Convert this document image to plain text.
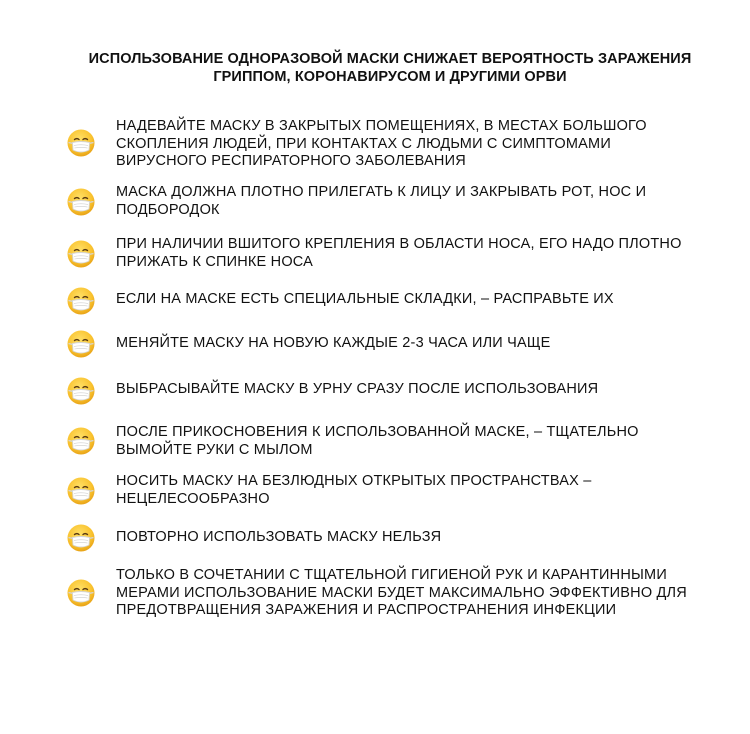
ИСПОЛЬЗОВАНИЕ ОДНОРАЗОВОЙ МАСКИ СНИЖАЕТ ВЕРОЯТНОСТЬ ЗАРАЖЕНИЯ
ГРИППОМ, КОРОНАВИРУСОМ И ДРУГИМИ ОРВИ
НАДЕВАЙТЕ МАСКУ В ЗАКРЫТЫХ ПОМЕЩЕНИЯХ, В МЕСТАХ БОЛЬШОГО
СКОПЛЕНИЯ ЛЮДЕЙ, ПРИ КОНТАКТАХ С ЛЮДЬМИ С СИМПТОМАМИ
ВИРУСНОГО РЕСПИРАТОРНОГО ЗАБОЛЕВАНИЯ
МАСКА ДОЛЖНА ПЛОТНО ПРИЛЕГАТЬ К ЛИЦУ И ЗАКРЫВАТЬ РОТ, НОС И
ПОДБОРОДОК
ПРИ НАЛИЧИИ ВШИТОГО КРЕПЛЕНИЯ В ОБЛАСТИ НОСА, ЕГО НАДО ПЛОТНО
ПРИЖАТЬ К СПИНКЕ НОСА
ЕСЛИ НА МАСКЕ ЕСТЬ СПЕЦИАЛЬНЫЕ СКЛАДКИ, – РАСПРАВЬТЕ ИХ
МЕНЯЙТЕ МАСКУ НА НОВУЮ КАЖДЫЕ 2-3 ЧАСА ИЛИ ЧАЩЕ
ВЫБРАСЫВАЙТЕ МАСКУ В УРНУ СРАЗУ ПОСЛЕ ИСПОЛЬЗОВАНИЯ
ПОСЛЕ ПРИКОСНОВЕНИЯ К ИСПОЛЬЗОВАННОЙ МАСКЕ, – ТЩАТЕЛЬНО
ВЫМОЙТЕ РУКИ С МЫЛОМ
НОСИТЬ МАСКУ НА БЕЗЛЮДНЫХ ОТКРЫТЫХ ПРОСТРАНСТВАХ –
НЕЦЕЛЕСООБРАЗНО
ПОВТОРНО ИСПОЛЬЗОВАТЬ МАСКУ НЕЛЬЗЯ
ТОЛЬКО В СОЧЕТАНИИ С ТЩАТЕЛЬНОЙ ГИГИЕНОЙ РУК И КАРАНТИННЫМИ
МЕРАМИ ИСПОЛЬЗОВАНИЕ МАСКИ БУДЕТ МАКСИМАЛЬНО ЭФФЕКТИВНО ДЛЯ
ПРЕДОТВРАЩЕНИЯ ЗАРАЖЕНИЯ И РАСПРОСТРАНЕНИЯ ИНФЕКЦИИ
